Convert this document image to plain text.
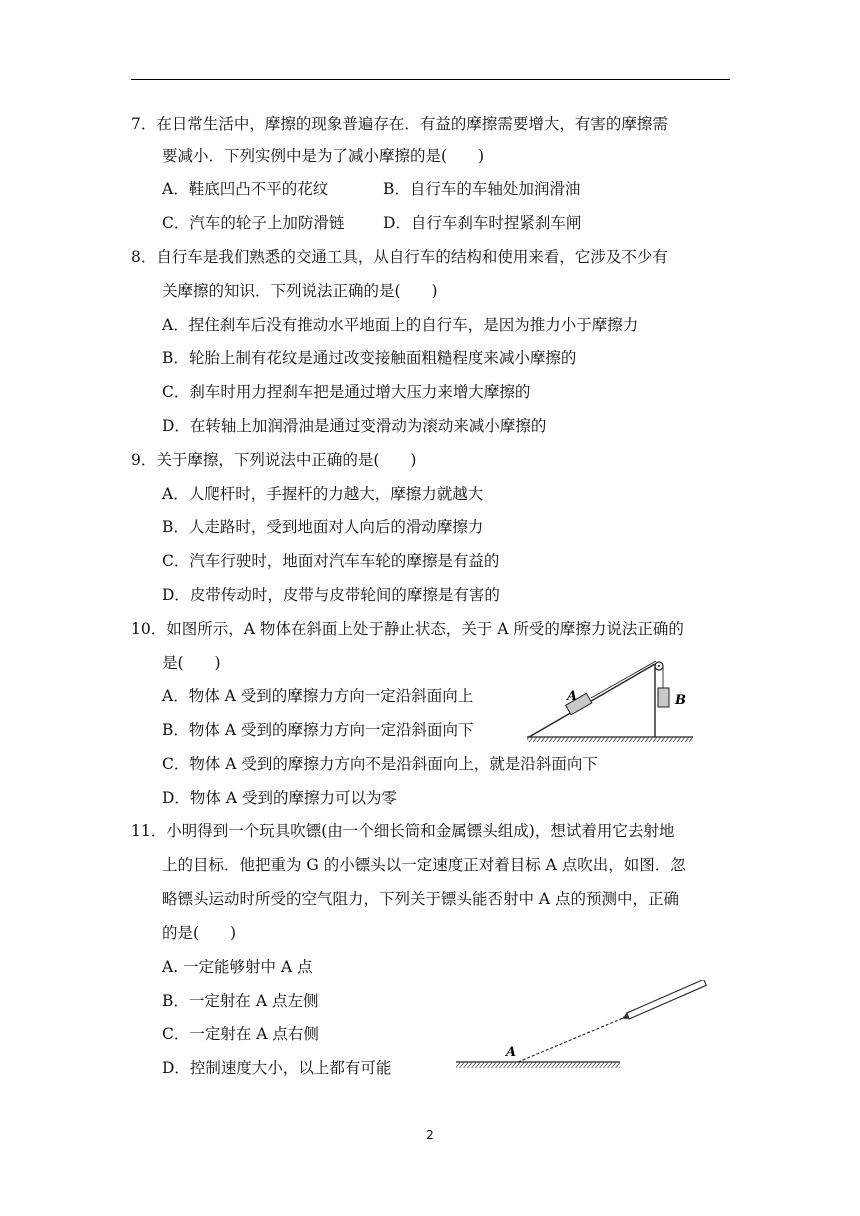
7．在日常生活中，摩擦的现象普遍存在．有益的摩擦需要增大，有害的摩擦需
要减小．下列实例中是为了减小摩擦的是(　　)
A．鞋底凹凸不平的花纹	B．自行车的车轴处加润滑油
C．汽车的轮子上加防滑链 D．自行车刹车时捏紧刹车闸
8．自行车是我们熟悉的交通工具，从自行车的结构和使用来看，它涉及不少有
关摩擦的知识．下列说法正确的是(　　)
A．捏住刹车后没有推动水平地面上的自行车，是因为推力小于摩擦力
B．轮胎上制有花纹是通过改变接触面粗糙程度来减小摩擦的
C．刹车时用力捏刹车把是通过增大压力来增大摩擦的
D．在转轴上加润滑油是通过变滑动为滚动来减小摩擦的
9．关于摩擦，下列说法中正确的是(　　)
A．人爬杆时，手握杆的力越大，摩擦力就越大
B．人走路时，受到地面对人向后的滑动摩擦力
C．汽车行驶时，地面对汽车车轮的摩擦是有益的
D．皮带传动时，皮带与皮带轮间的摩擦是有害的
10．如图所示，A 物体在斜面上处于静止状态，关于 A 所受的摩擦力说法正确的
是(　　)
A．物体 A 受到的摩擦力方向一定沿斜面向上
B．物体 A 受到的摩擦力方向一定沿斜面向下
C．物体 A 受到的摩擦力方向不是沿斜面向上，就是沿斜面向下
D．物体 A 受到的摩擦力可以为零
A	B
11．小明得到一个玩具吹镖(由一个细长筒和金属镖头组成)，想试着用它去射地
上的目标．他把重为 G 的小镖头以一定速度正对着目标 A 点吹出，如图．忽
略镖头运动时所受的空气阻力，下列关于镖头能否射中 A 点的预测中，正确
的是(　　)
A. 一定能够射中 A 点
B．一定射在 A 点左侧
C．一定射在 A 点右侧
D．控制速度大小，以上都有可能
A
2
